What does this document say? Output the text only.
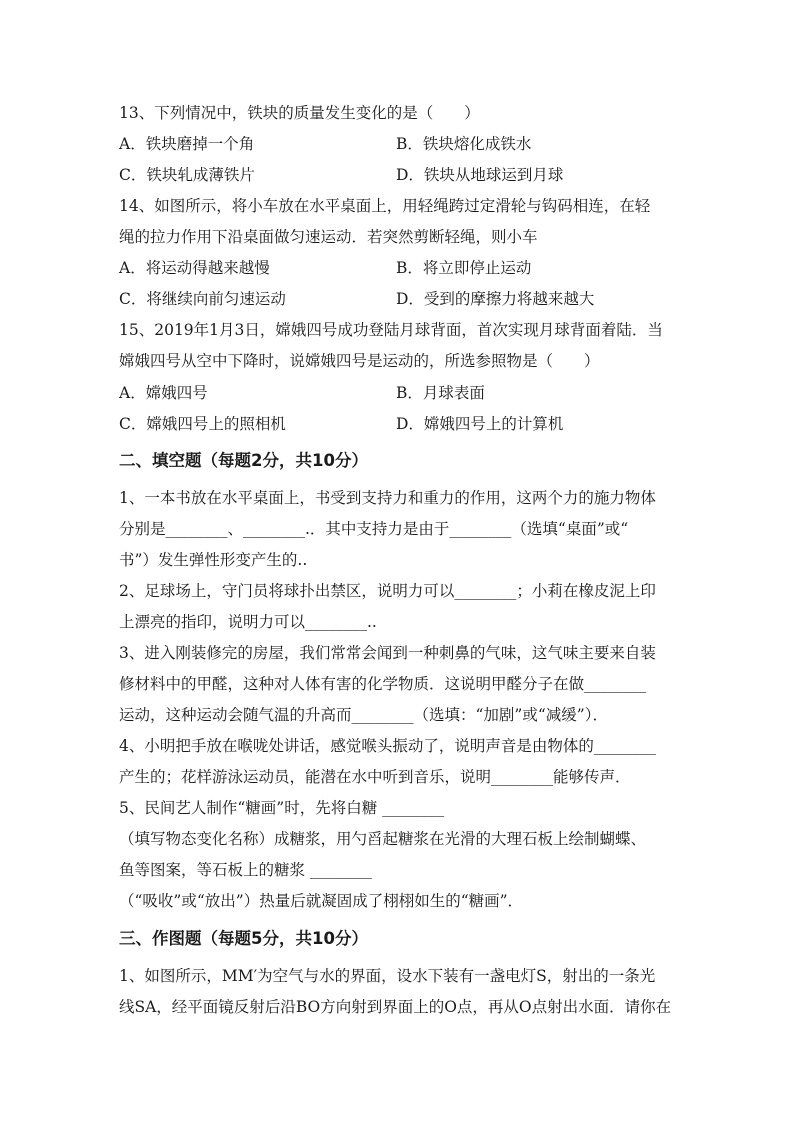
13、下列情况中，铁块的质量发生变化的是（　　）
A．铁块磨掉一个角	B．铁块熔化成铁水
C．铁块轧成薄铁片	D．铁块从地球运到月球
14、如图所示，将小车放在水平桌面上，用轻绳跨过定滑轮与钩码相连，在轻
绳的拉力作用下沿桌面做匀速运动．若突然剪断轻绳，则小车
A．将运动得越来越慢	B．将立即停止运动
C．将继续向前匀速运动	D．受到的摩擦力将越来越大
15、2019年1月3日，嫦娥四号成功登陆月球背面，首次实现月球背面着陆．当
嫦娥四号从空中下降时，说嫦娥四号是运动的，所选参照物是（　　）
A．嫦娥四号	B．月球表面
C．嫦娥四号上的照相机	D．嫦娥四号上的计算机
二、填空题（每题2分，共10分）
1、一本书放在水平桌面上，书受到支持力和重力的作用，这两个力的施力物体
分别是________、________.．其中支持力是由于________（选填“桌面”或“
书”）发生弹性形变产生的..
2、足球场上，守门员将球扑出禁区，说明力可以________；小莉在橡皮泥上印
上漂亮的指印，说明力可以________..
3、进入刚装修完的房屋，我们常常会闻到一种刺鼻的气味，这气味主要来自装
修材料中的甲醛，这种对人体有害的化学物质．这说明甲醛分子在做________
运动，这种运动会随气温的升高而________（选填：“加剧”或“减缓”）．
4、小明把手放在喉咙处讲话，感觉喉头振动了，说明声音是由物体的________
产生的；花样游泳运动员，能潜在水中听到音乐，说明________能够传声．
5、民间艺人制作“糖画”时，先将白糖 ________
（填写物态变化名称）成糖浆，用勺舀起糖浆在光滑的大理石板上绘制蝴蝶、
鱼等图案，等石板上的糖浆 ________
（“吸收”或“放出”）热量后就凝固成了栩栩如生的“糖画”．
三、作图题（每题5分，共10分）
1、如图所示，MM′为空气与水的界面，设水下装有一盏电灯S，射出的一条光
线SA，经平面镜反射后沿BO方向射到界面上的O点，再从O点射出水面．请你在
